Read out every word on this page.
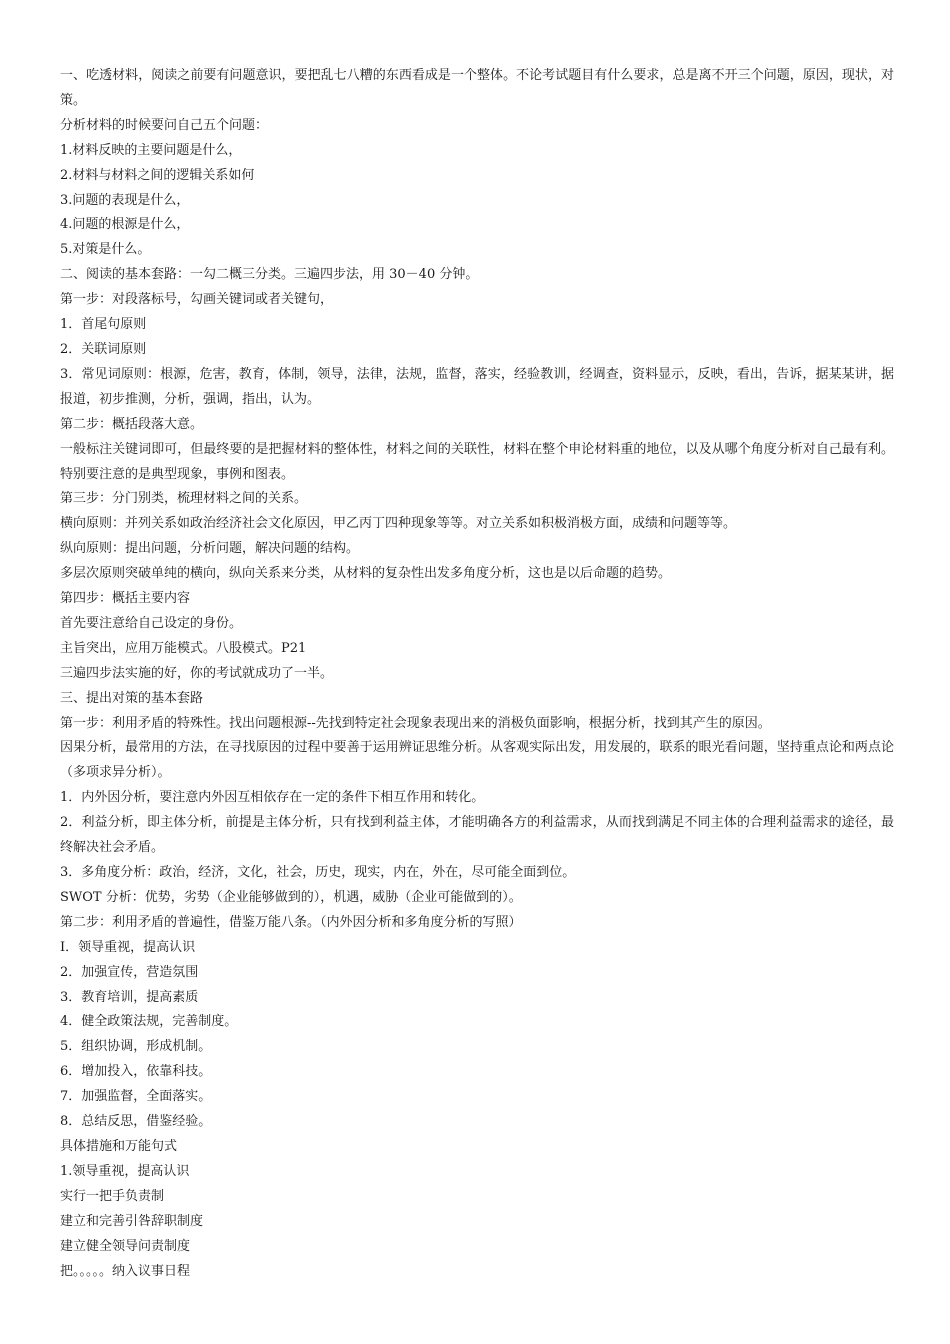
一、吃透材料，阅读之前要有问题意识，要把乱七八糟的东西看成是一个整体。不论考试题目有什么要求，总是离不开三个问题，原因，现状，对策。

分析材料的时候要问自己五个问题：

1.材料反映的主要问题是什么，

2.材料与材料之间的逻辑关系如何

3.问题的表现是什么，

4.问题的根源是什么，

5.对策是什么。

二、阅读的基本套路：一勾二概三分类。三遍四步法，用 30－40 分钟。

第一步：对段落标号，勾画关键词或者关键句，

1．首尾句原则

2．关联词原则

3．常见词原则：根源，危害，教育，体制，领导，法律，法规，监督，落实，经验教训，经调查，资料显示，反映，看出，告诉，据某某讲，据报道，初步推测，分析，强调，指出，认为。

第二步：概括段落大意。

一般标注关键词即可，但最终要的是把握材料的整体性，材料之间的关联性，材料在整个申论材料重的地位，以及从哪个角度分析对自己最有利。特别要注意的是典型现象，事例和图表。

第三步：分门别类，梳理材料之间的关系。

横向原则：并列关系如政治经济社会文化原因，甲乙丙丁四种现象等等。对立关系如积极消极方面，成绩和问题等等。

纵向原则：提出问题，分析问题，解决问题的结构。

多层次原则突破单纯的横向，纵向关系来分类，从材料的复杂性出发多角度分析，这也是以后命题的趋势。

第四步：概括主要内容

首先要注意给自己设定的身份。

主旨突出，应用万能模式。八股模式。P21

三遍四步法实施的好，你的考试就成功了一半。

三、提出对策的基本套路

第一步：利用矛盾的特殊性。找出问题根源--先找到特定社会现象表现出来的消极负面影响，根据分析，找到其产生的原因。

因果分析，最常用的方法，在寻找原因的过程中要善于运用辨证思维分析。从客观实际出发，用发展的，联系的眼光看问题，坚持重点论和两点论（多项求异分析）。

1．内外因分析，要注意内外因互相依存在一定的条件下相互作用和转化。

2．利益分析，即主体分析，前提是主体分析，只有找到利益主体，才能明确各方的利益需求，从而找到满足不同主体的合理利益需求的途径，最终解决社会矛盾。

3．多角度分析：政治，经济，文化，社会，历史，现实，内在，外在，尽可能全面到位。

SWOT 分析：优势，劣势（企业能够做到的），机遇，威胁（企业可能做到的）。

第二步：利用矛盾的普遍性，借鉴万能八条。（内外因分析和多角度分析的写照）

I．领导重视，提高认识

2．加强宣传，营造氛围

3．教育培训，提高素质

4．健全政策法规，完善制度。

5．组织协调，形成机制。

6．增加投入，依靠科技。

7．加强监督，全面落实。

8．总结反思，借鉴经验。

具体措施和万能句式

1.领导重视，提高认识

实行一把手负责制

建立和完善引咎辞职制度

建立健全领导问责制度

把。。。。。纳入议事日程
